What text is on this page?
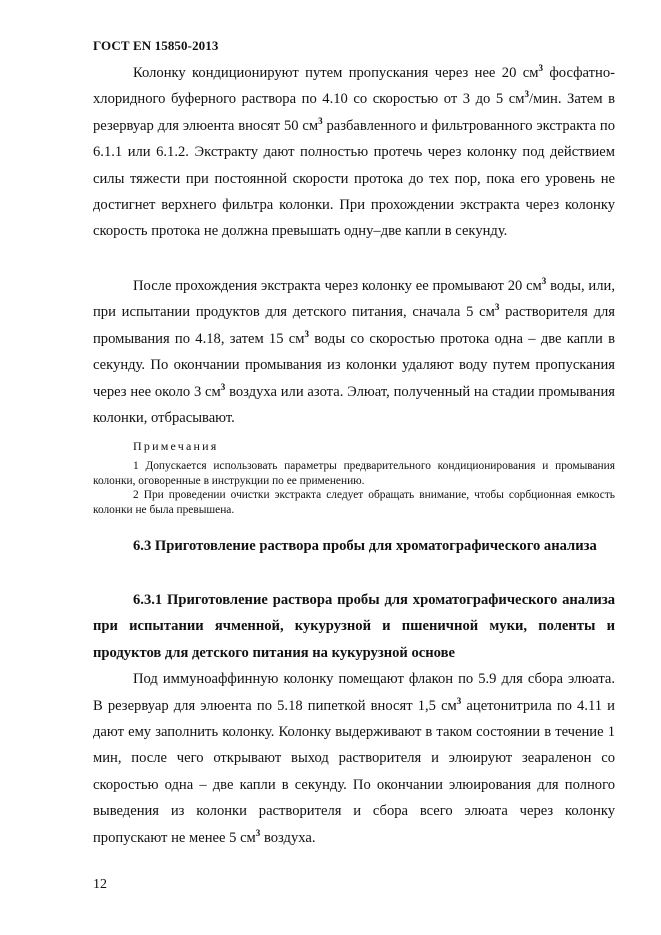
ГОСТ EN 15850-2013

Колонку кондиционируют путем пропускания через нее 20 $см^3$ фосфатно-хлоридного буферного раствора по 4.10 со скоростью от 3 до 5 $см^3$/мин. Затем в резервуар для элюента вносят 50 $см^3$ разбавленного и фильтрованного экстракта по 6.1.1 или 6.1.2. Экстракту дают полностью протечь через колонку под действием силы тяжести при постоянной скорости протока до тех пор, пока его уровень не достигнет верхнего фильтра колонки. При прохождении экстракта через колонку скорость протока не должна превышать одну–две капли в секунду.

После прохождения экстракта через колонку ее промывают 20 $см^3$ воды, или, при испытании продуктов для детского питания, сначала 5 $см^3$ растворителя для промывания по 4.18, затем 15 $см^3$ воды со скоростью протока одна – две капли в секунду. По окончании промывания из колонки удаляют воду путем пропускания через нее около 3 $см^3$ воздуха или азота. Элюат, полученный на стадии промывания колонки, отбрасывают.

Примечания

1 Допускается использовать параметры предварительного кондиционирования и промывания колонки, оговоренные в инструкции по ее применению.

2 При проведении очистки экстракта следует обращать внимание, чтобы сорбционная емкость колонки не была превышена.

6.3 Приготовление раствора пробы для хроматографического анализа

6.3.1 Приготовление раствора пробы для хроматографического анализа при испытании ячменной, кукурузной и пшеничной муки, поленты и продуктов для детского питания на кукурузной основе

Под иммуноаффинную колонку помещают флакон по 5.9 для сбора элюата. В резервуар для элюента по 5.18 пипеткой вносят 1,5 $см^3$ ацетонитрила по 4.11 и дают ему заполнить колонку. Колонку выдерживают в таком состоянии в течение 1 мин, после чего открывают выход растворителя и элюируют зеараленон со скоростью одна – две капли в секунду. По окончании элюирования для полного выведения из колонки растворителя и сбора всего элюата через колонку пропускают не менее 5 $см^3$ воздуха.

12
